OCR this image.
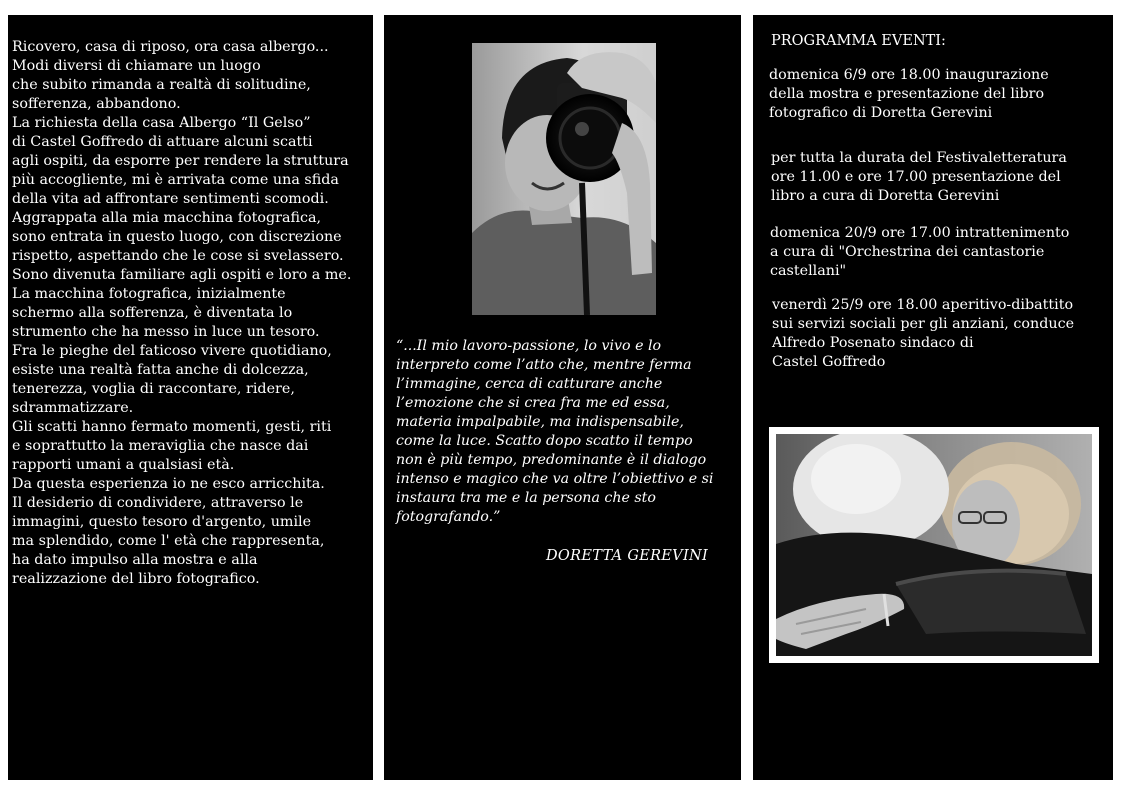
Ricovero, casa di riposo, ora casa albergo...
Modi diversi di chiamare un luogo
che subito rimanda a realtà di solitudine,
sofferenza, abbandono.
La richiesta della casa Albergo “Il Gelso”
di Castel Goffredo di attuare alcuni scatti
agli ospiti, da esporre per rendere la struttura
più accogliente, mi è arrivata come una sfida
della vita ad affrontare sentimenti scomodi.
Aggrappata alla mia macchina fotografica,
sono entrata in questo luogo, con discrezione
rispetto, aspettando che le cose si svelassero.
Sono divenuta familiare agli ospiti e loro a me.
La macchina fotografica, inizialmente
schermo alla sofferenza, è diventata lo
strumento che ha messo in luce un tesoro.
Fra le pieghe del faticoso vivere quotidiano,
esiste una realtà fatta anche di dolcezza,
tenerezza, voglia di raccontare, ridere,
sdrammatizzare.
Gli scatti hanno fermato momenti, gesti, riti
e soprattutto la meraviglia che nasce dai
rapporti umani a qualsiasi età.
Da questa esperienza io ne esco arricchita.
Il desiderio di condividere, attraverso le
immagini, questo tesoro d'argento, umile
ma splendido, come l' età che rappresenta,
ha dato impulso alla mostra e alla
realizzazione del libro fotografico.
“...Il mio lavoro-passione, lo vivo e lo
interpreto come l’atto che, mentre ferma
l’immagine, cerca di catturare anche
l’emozione che si crea fra me ed essa,
materia impalpabile, ma indispensabile,
come la luce. Scatto dopo scatto il tempo
non è più tempo, predominante è il dialogo
intenso e magico che va oltre l’obiettivo e si
instaura tra me e la persona che sto
fotografando.”
DORETTA GEREVINI
PROGRAMMA EVENTI:
domenica 6/9 ore 18.00 inaugurazione
della mostra e presentazione del libro
fotografico di Doretta Gerevini
per tutta la durata del Festivaletteratura
ore 11.00 e ore 17.00 presentazione del
libro a cura di Doretta Gerevini
domenica 20/9 ore 17.00 intrattenimento
a cura di "Orchestrina dei cantastorie
castellani"
venerdì 25/9 ore 18.00 aperitivo-dibattito
sui servizi sociali per gli anziani, conduce
Alfredo Posenato sindaco di
Castel Goffredo
